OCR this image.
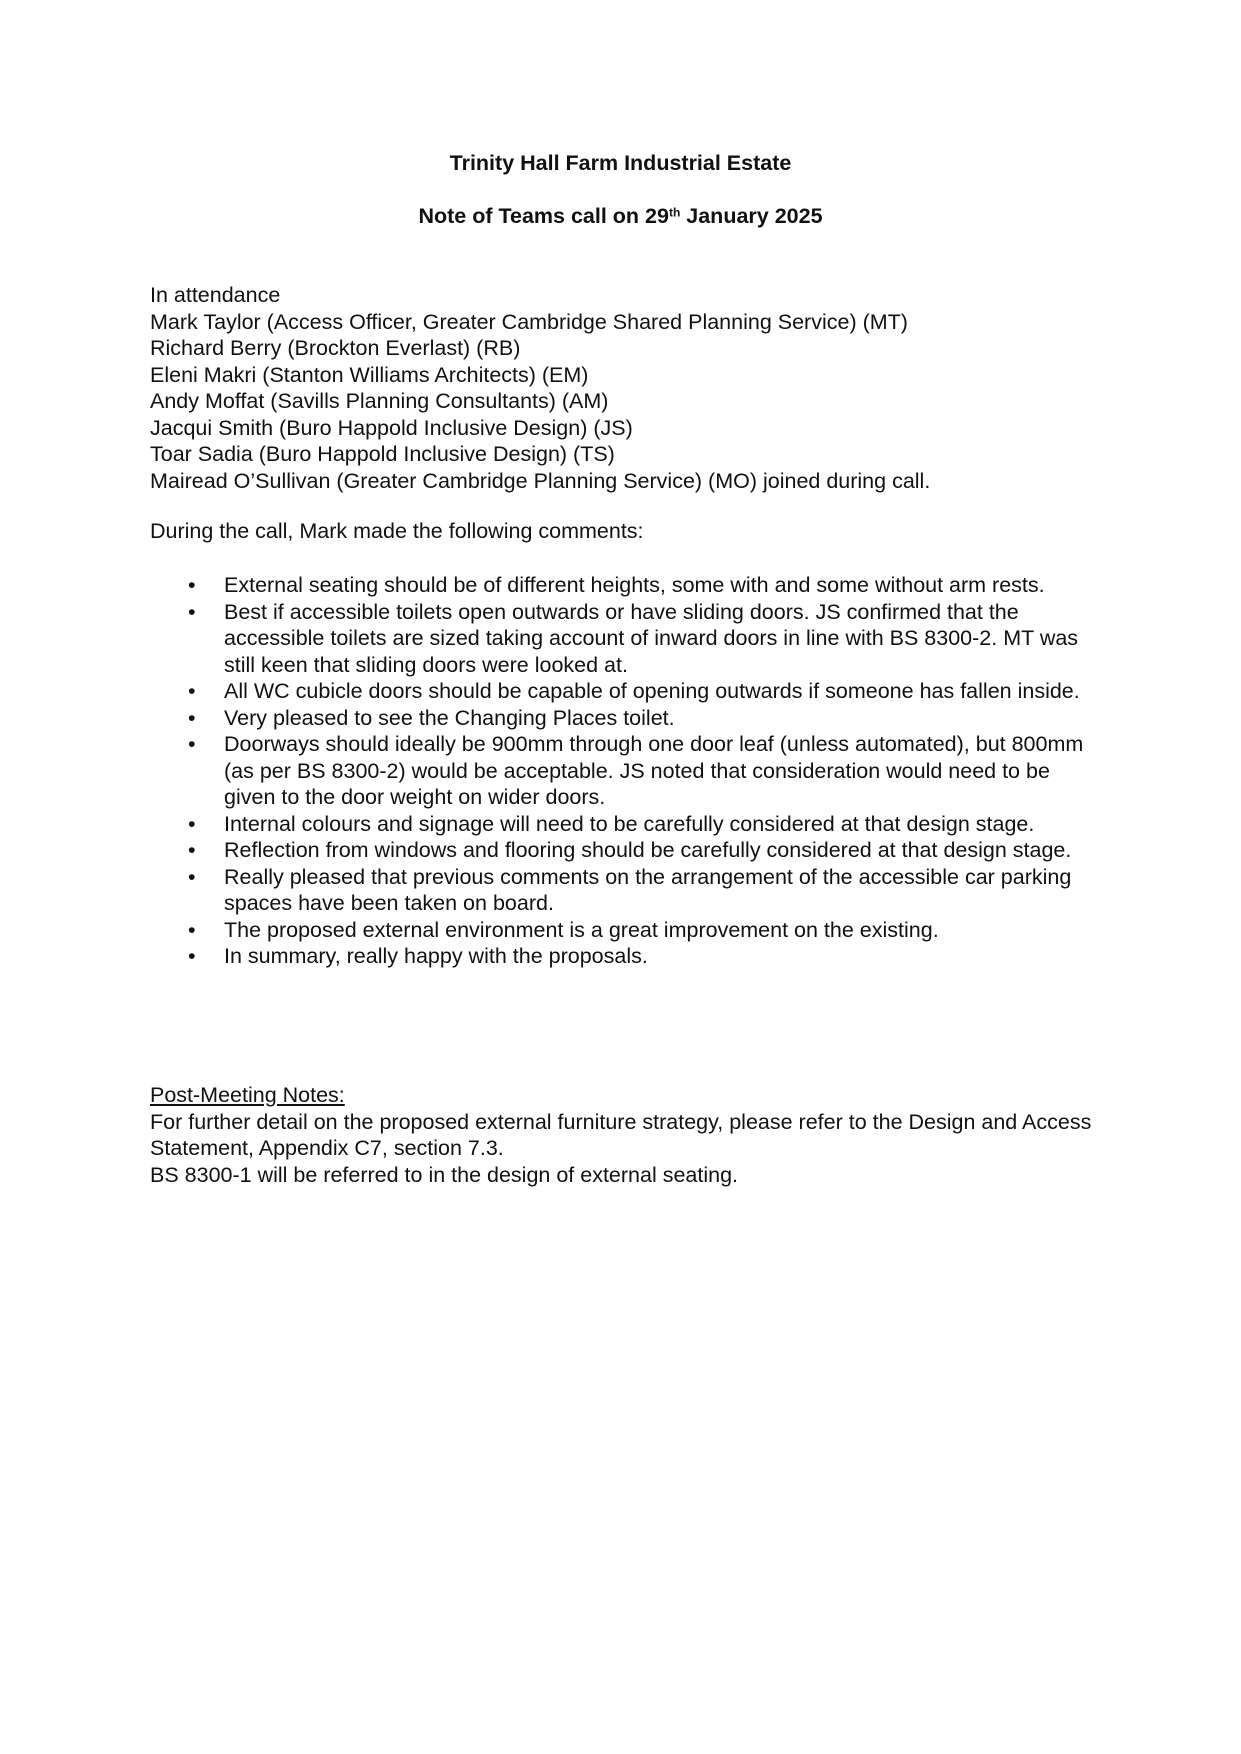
Trinity Hall Farm Industrial Estate
Note of Teams call on 29th January 2025
In attendance
Mark Taylor (Access Officer, Greater Cambridge Shared Planning Service) (MT)
Richard Berry (Brockton Everlast) (RB)
Eleni Makri (Stanton Williams Architects) (EM)
Andy Moffat (Savills Planning Consultants) (AM)
Jacqui Smith (Buro Happold Inclusive Design) (JS)
Toar Sadia (Buro Happold Inclusive Design) (TS)
Mairead O’Sullivan (Greater Cambridge Planning Service) (MO) joined during call.
During the call, Mark made the following comments:
• External seating should be of different heights, some with and some without arm rests.
• Best if accessible toilets open outwards or have sliding doors. JS confirmed that the accessible toilets are sized taking account of inward doors in line with BS 8300-2. MT was still keen that sliding doors were looked at.
• All WC cubicle doors should be capable of opening outwards if someone has fallen inside.
• Very pleased to see the Changing Places toilet.
• Doorways should ideally be 900mm through one door leaf (unless automated), but 800mm (as per BS 8300-2) would be acceptable. JS noted that consideration would need to be given to the door weight on wider doors.
• Internal colours and signage will need to be carefully considered at that design stage.
• Reflection from windows and flooring should be carefully considered at that design stage.
• Really pleased that previous comments on the arrangement of the accessible car parking spaces have been taken on board.
• The proposed external environment is a great improvement on the existing.
• In summary, really happy with the proposals.
Post-Meeting Notes:
For further detail on the proposed external furniture strategy, please refer to the Design and Access Statement, Appendix C7, section 7.3.
BS 8300-1 will be referred to in the design of external seating.
